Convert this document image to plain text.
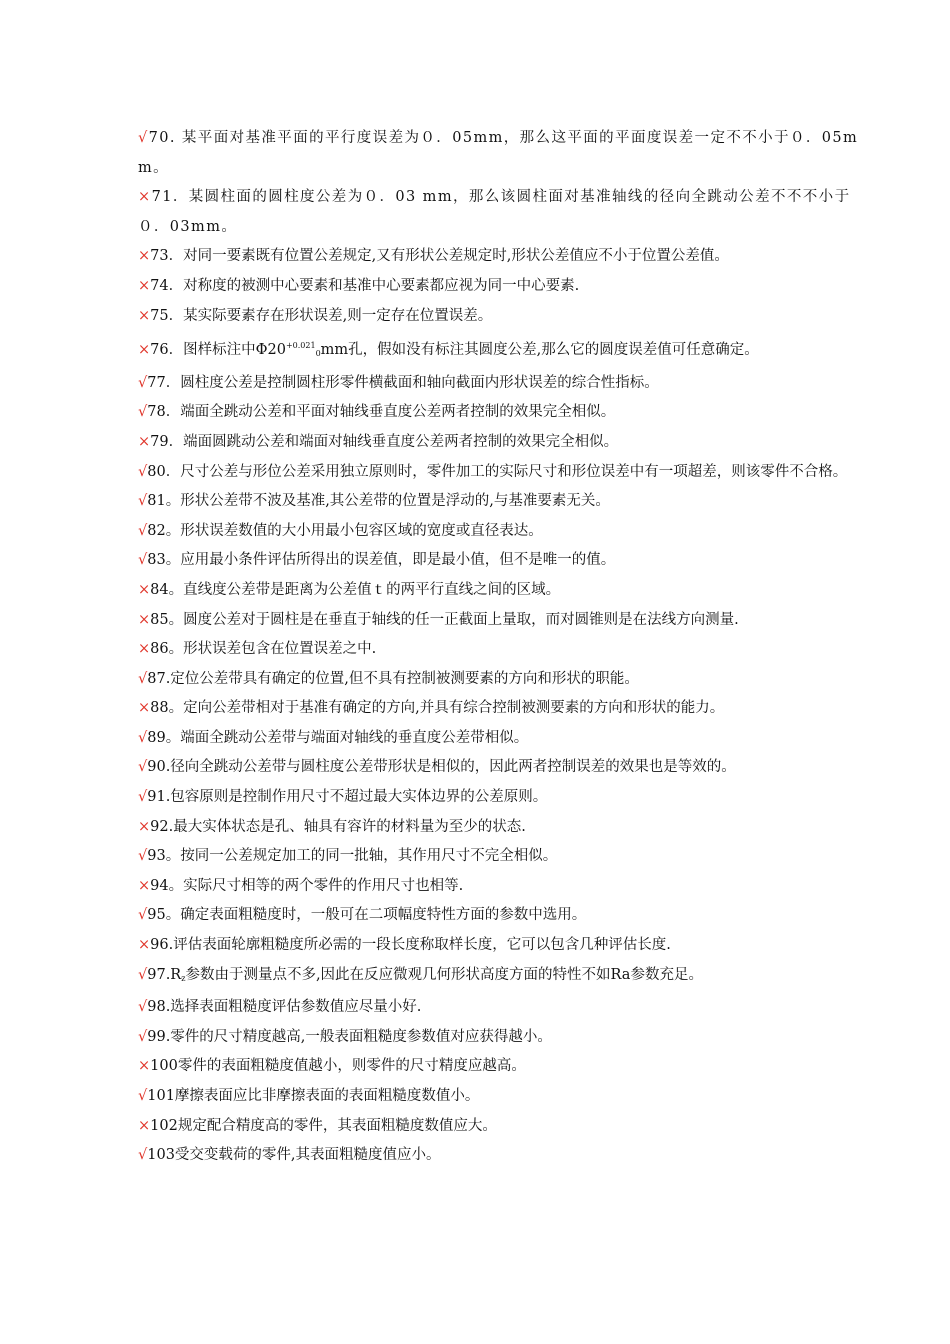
√70. 某平面对基准平面的平行度误差为０．05mm，那么这平面的平面度误差一定不不小于０．05mm。
×71．某圆柱面的圆柱度公差为０．03 mm，那么该圆柱面对基准轴线的径向全跳动公差不不不小于０．03mm。
×73．对同一要素既有位置公差规定,又有形状公差规定时,形状公差值应不小于位置公差值。
×74．对称度的被测中心要素和基准中心要素都应视为同一中心要素.
×75．某实际要素存在形状误差,则一定存在位置误差。
×76．图样标注中$\Phi 20^{+0.021}_0mm$孔，假如没有标注其圆度公差,那么它的圆度误差值可任意确定。
√77．圆柱度公差是控制圆柱形零件横截面和轴向截面内形状误差的综合性指标。
√78．端面全跳动公差和平面对轴线垂直度公差两者控制的效果完全相似。
×79．端面圆跳动公差和端面对轴线垂直度公差两者控制的效果完全相似。
√80．尺寸公差与形位公差采用独立原则时，零件加工的实际尺寸和形位误差中有一项超差，则该零件不合格。
√81。形状公差带不波及基准,其公差带的位置是浮动的,与基准要素无关。
√82。形状误差数值的大小用最小包容区域的宽度或直径表达。
√83。应用最小条件评估所得出的误差值，即是最小值，但不是唯一的值。
×84。直线度公差带是距离为公差值ｔ的两平行直线之间的区域。
×85。圆度公差对于圆柱是在垂直于轴线的任一正截面上量取，而对圆锥则是在法线方向测量.
×86。形状误差包含在位置误差之中.
√87.定位公差带具有确定的位置,但不具有控制被测要素的方向和形状的职能。
×88。定向公差带相对于基准有确定的方向,并具有综合控制被测要素的方向和形状的能力。
√89。端面全跳动公差带与端面对轴线的垂直度公差带相似。
√90.径向全跳动公差带与圆柱度公差带形状是相似的，因此两者控制误差的效果也是等效的。
√91.包容原则是控制作用尺寸不超过最大实体边界的公差原则。
×92.最大实体状态是孔、轴具有容许的材料量为至少的状态.
√93。按同一公差规定加工的同一批轴，其作用尺寸不完全相似。
×94。实际尺寸相等的两个零件的作用尺寸也相等.
√95。确定表面粗糙度时，一般可在二项幅度特性方面的参数中选用。
×96.评估表面轮廓粗糙度所必需的一段长度称取样长度，它可以包含几种评估长度.
$√97.R_z$参数由于测量点不多,因此在反应微观几何形状高度方面的特性不如Ra参数充足。
√98.选择表面粗糙度评估参数值应尽量小好.
√99.零件的尺寸精度越高,一般表面粗糙度参数值对应获得越小。
×100零件的表面粗糙度值越小，则零件的尺寸精度应越高。
√101摩擦表面应比非摩擦表面的表面粗糙度数值小。
×102规定配合精度高的零件，其表面粗糙度数值应大。
√103受交变载荷的零件,其表面粗糙度值应小。
